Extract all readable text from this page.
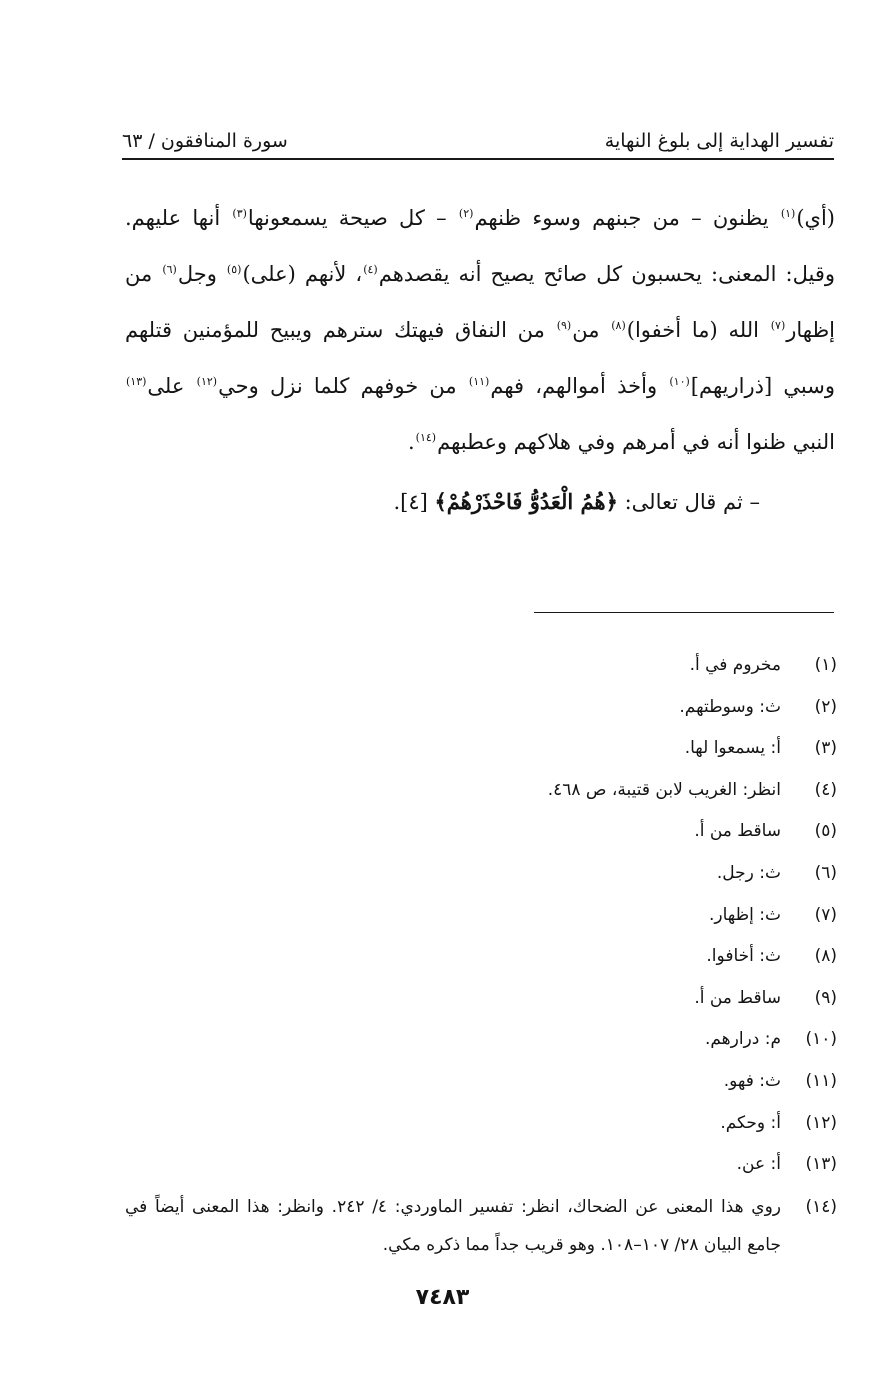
تفسير الهداية إلى بلوغ النهاية
سورة المنافقون / ٦٣

(أي)$^{(١)}$ يظنون – من جبنهم وسوء ظنهم$^{(٢)}$ – كل صيحة يسمعونها$^{(٣)}$ أنها عليهم. وقيل: المعنى: يحسبون كل صائح يصيح أنه يقصدهم$^{(٤)}$، لأنهم (على)$^{(٥)}$ وجل$^{(٦)}$ من إظهار$^{(٧)}$ الله (ما أخفوا)$^{(٨)}$ من$^{(٩)}$ من النفاق فيهتك سترهم ويبيح للمؤمنين قتلهم وسبي [ذراريهم]$^{(١٠)}$ وأخذ أموالهم، فهم$^{(١١)}$ من خوفهم كلما نزل وحي$^{(١٢)}$ على$^{(١٣)}$ النبي ظنوا أنه في أمرهم وفي هلاكهم وعطبهم$^{(١٤)}$.

– ثم قال تعالى: ﴿هُمُ الْعَدُوُّ فَاحْذَرْهُمْ﴾ [٤].

(١)
مخروم في أ.
(٢)
ث: وسوطتهم.
(٣)
أ: يسمعوا لها.
(٤)
انظر: الغريب لابن قتيبة، ص ٤٦٨.
(٥)
ساقط من أ.
(٦)
ث: رجل.
(٧)
ث: إظهار.
(٨)
ث: أخافوا.
(٩)
ساقط من أ.
(١٠)
م: درارهم.
(١١)
ث: فهو.
(١٢)
أ: وحكم.
(١٣)
أ: عن.
(١٤)
روي هذا المعنى عن الضحاك، انظر: تفسير الماوردي: ٤/ ٢٤٢. وانظر: هذا المعنى أيضاً في جامع البيان ٢٨/ ١٠٧–١٠٨. وهو قريب جداً مما ذكره مكي.
٧٤٨٣
